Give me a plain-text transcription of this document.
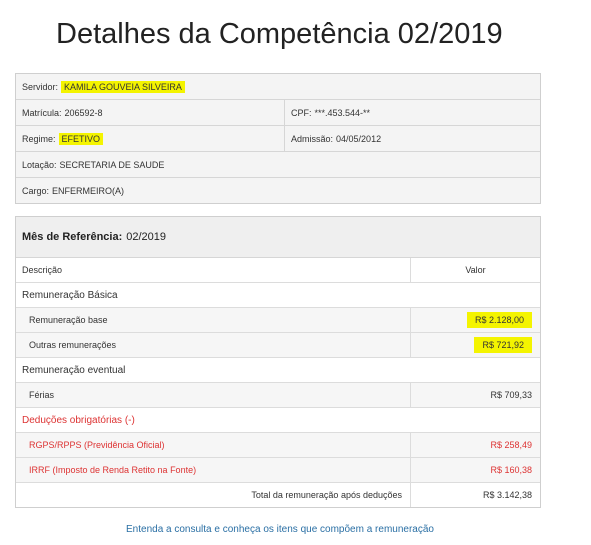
Detalhes da Competência 02/2019
Servidor: KAMILA GOUVEIA SILVEIRA
Matrícula: 206592-8	CPF: ***.453.544-**
Regime: EFETIVO	Admissão: 04/05/2012
Lotação: SECRETARIA DE SAUDE
Cargo: ENFERMEIRO(A)
Mês de Referência: 02/2019
Descrição	Valor
Remuneração Básica
Remuneração base	R$ 2.128,00
Outras remunerações	R$ 721,92
Remuneração eventual
Férias	R$ 709,33
Deduções obrigatórias (-)
RGPS/RPPS (Previdência Oficial)	R$ 258,49
IRRF (Imposto de Renda Retito na Fonte)	R$ 160,38
Total da remuneração após deduções	R$ 3.142,38
Entenda a consulta e conheça os itens que compõem a remuneração
